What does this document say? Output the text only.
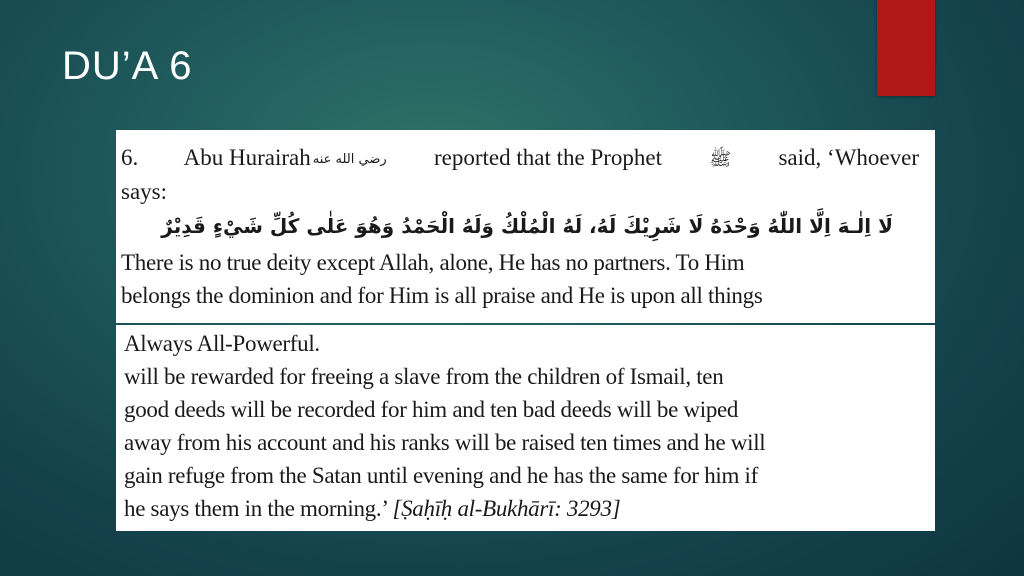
DU’A 6
6. Abu Hurairah رضي الله عنه reported that the Prophet	ﷺ said, ‘Whoever
says:
لَا اِلٰـهَ اِلَّا اللّٰهُ وَحْدَهُ لَا شَرِيْكَ لَهُ، لَهُ الْمُلْكُ وَلَهُ الْحَمْدُ وَهُوَ عَلٰى كُلِّ شَيْءٍ قَدِيْرٌ
There is no true deity except Allah, alone, He has no partners. To Him
belongs the dominion and for Him is all praise and He is upon all things
Always All-Powerful.
will be rewarded for freeing a slave from the children of Ismail, ten
good deeds will be recorded for him and ten bad deeds will be wiped
away from his account and his ranks will be raised ten times and he will
gain refuge from the Satan until evening and he has the same for him if
he says them in the morning.’ [Ṣaḥīḥ al-Bukhārī: 3293]
